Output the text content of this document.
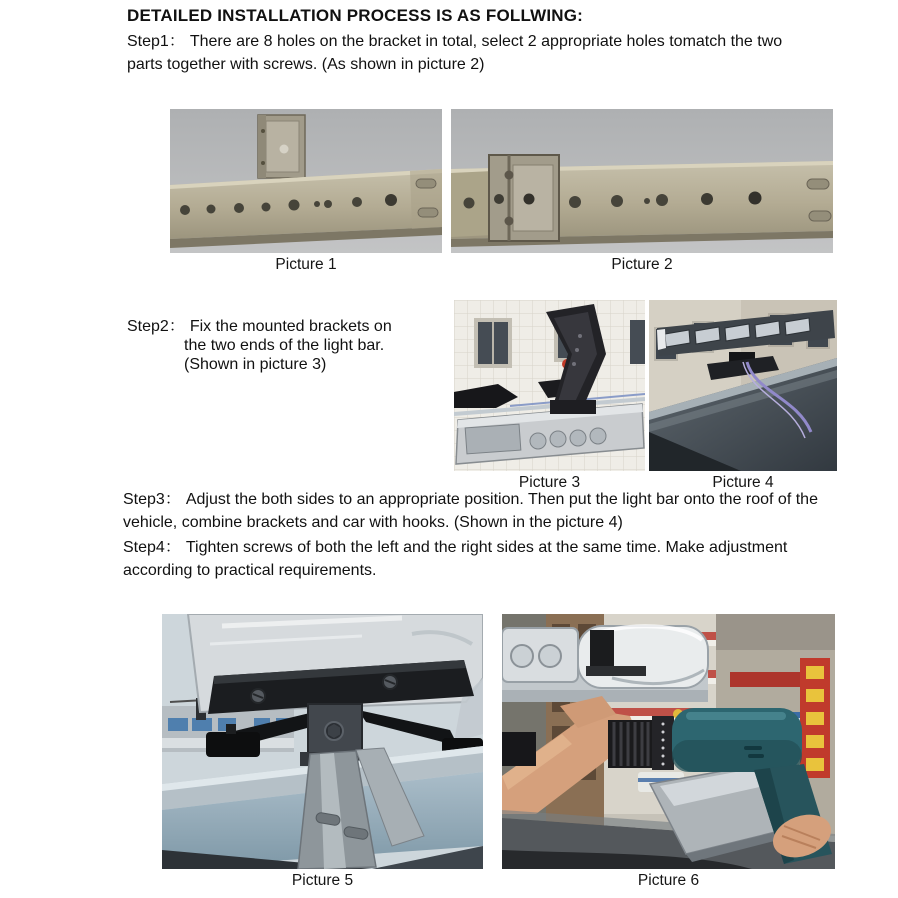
DETAILED INSTALLATION PROCESS IS AS FOLLWING:

Step1： There are 8 holes on the bracket in total, select 2 appropriate holes tomatch the two parts together with screws. (As shown in picture 2)

Picture 1	Picture 2

Step2： Fix the mounted brackets on the two ends of the light bar. (Shown in picture 3)

Picture 3	Picture 4

Step3： Adjust the both sides to an appropriate position. Then put the light bar onto the roof of the vehicle, combine brackets and car with hooks. (Shown in the picture 4)

Step4： Tighten screws of both the left and the right sides at the same time. Make adjustment according to practical requirements.

Picture 5	Picture 6
